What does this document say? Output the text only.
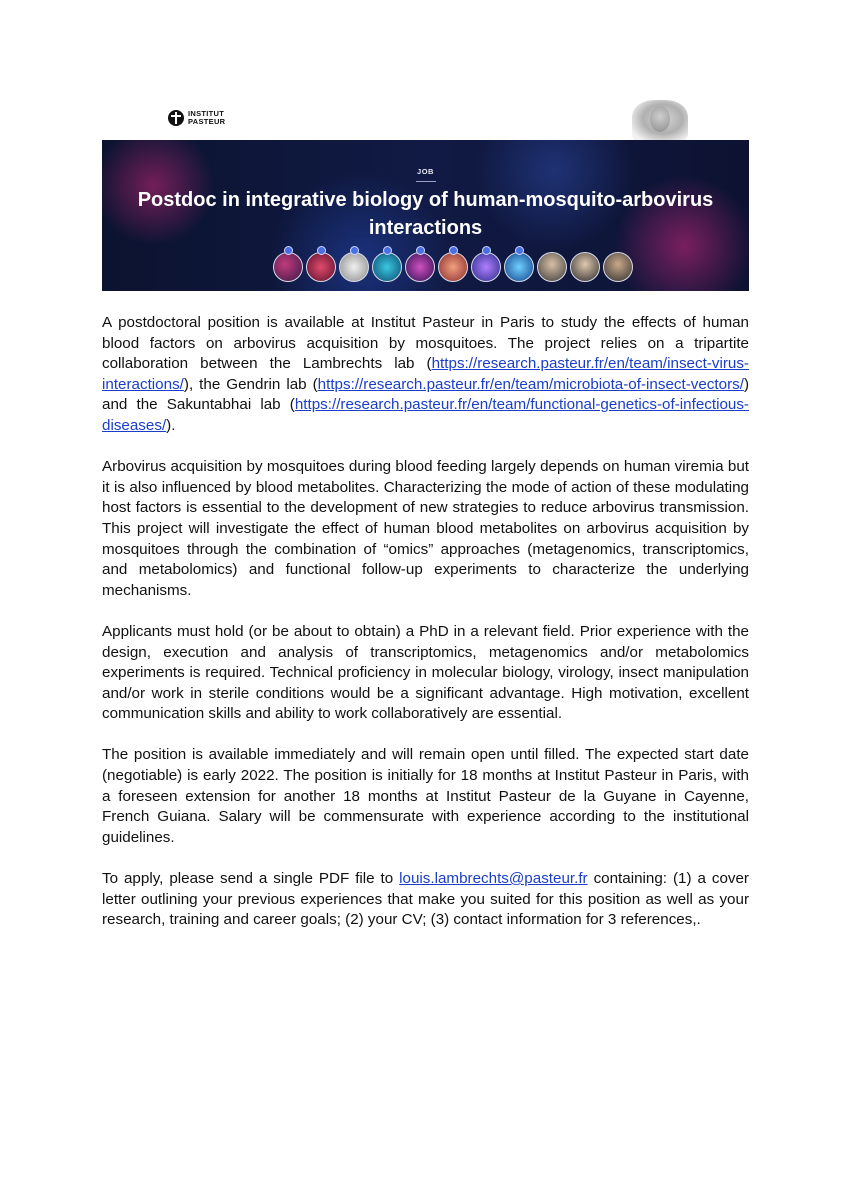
INSTITUT
PASTEUR
JOB
Postdoc in integrative biology of human-mosquito-arbovirus
interactions

A postdoctoral position is available at Institut Pasteur in Paris to study the effects of human blood factors on arbovirus acquisition by mosquitoes. The project relies on a tripartite collaboration between the Lambrechts lab (https://research.pasteur.fr/en/team/insect-virus-interactions/), the Gendrin lab (https://research.pasteur.fr/en/team/microbiota-of-insect-vectors/) and the Sakuntabhai lab (https://research.pasteur.fr/en/team/functional-genetics-of-infectious-diseases/).

Arbovirus acquisition by mosquitoes during blood feeding largely depends on human viremia but it is also influenced by blood metabolites. Characterizing the mode of action of these modulating host factors is essential to the development of new strategies to reduce arbovirus transmission. This project will investigate the effect of human blood metabolites on arbovirus acquisition by mosquitoes through the combination of “omics” approaches (metagenomics, transcriptomics, and metabolomics) and functional follow-up experiments to characterize the underlying mechanisms.

Applicants must hold (or be about to obtain) a PhD in a relevant field. Prior experience with the design, execution and analysis of transcriptomics, metagenomics and/or metabolomics experiments is required. Technical proficiency in molecular biology, virology, insect manipulation and/or work in sterile conditions would be a significant advantage. High motivation, excellent communication skills and ability to work collaboratively are essential.

The position is available immediately and will remain open until filled. The expected start date (negotiable) is early 2022. The position is initially for 18 months at Institut Pasteur in Paris, with a foreseen extension for another 18 months at Institut Pasteur de la Guyane in Cayenne, French Guiana. Salary will be commensurate with experience according to the institutional guidelines.

To apply, please send a single PDF file to louis.lambrechts@pasteur.fr containing: (1) a cover letter outlining your previous experiences that make you suited for this position as well as your research, training and career goals; (2) your CV; (3) contact information for 3 references,.
